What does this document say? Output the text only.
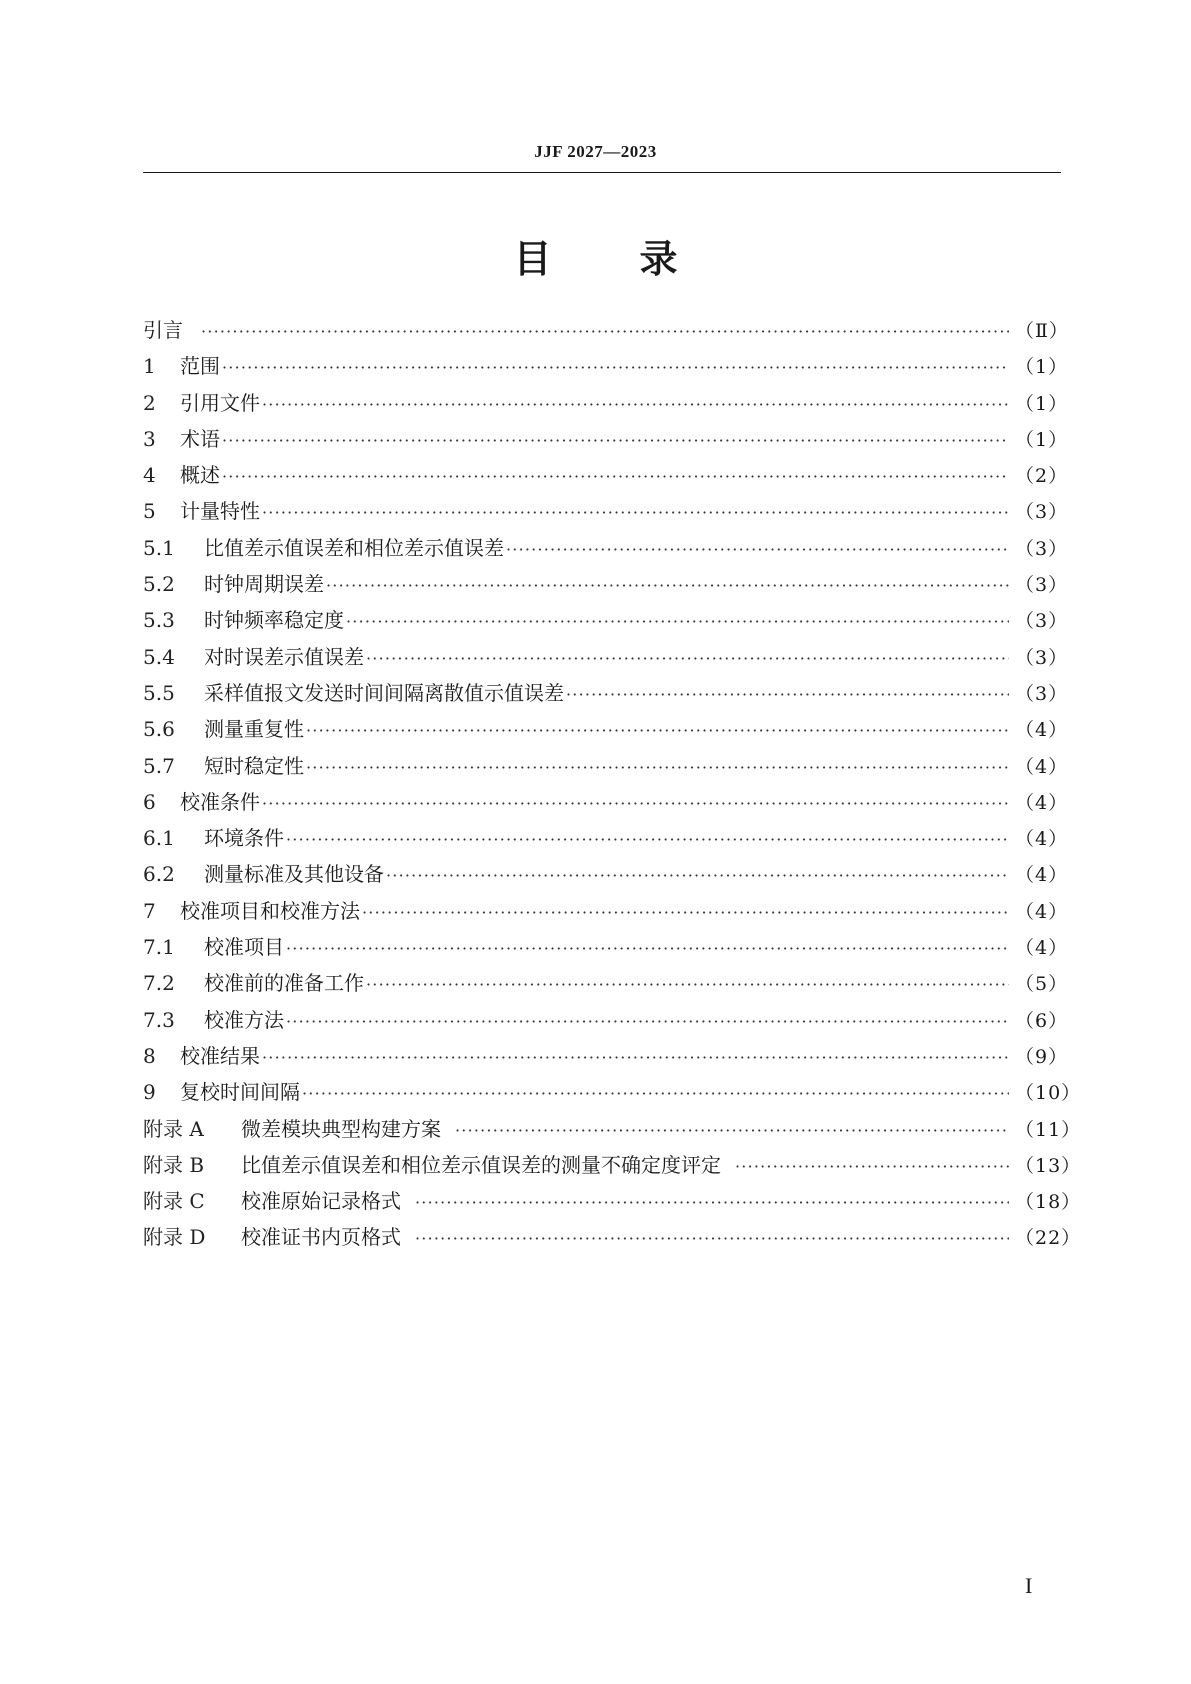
JJF 2027—2023
目 录
引言 ·····	（Ⅱ）
1	范围 ·····	（1）
2	引用文件 ·····	（1）
3	术语 ·····	（1）
4	概述 ·····	（2）
5	计量特性 ·····	（3）
5.1	比值差示值误差和相位差示值误差 ·····	（3）
5.2	时钟周期误差 ·····	（3）
5.3	时钟频率稳定度 ·····	（3）
5.4	对时误差示值误差 ·····	（3）
5.5	采样值报文发送时间间隔离散值示值误差 ·····	（3）
5.6	测量重复性 ·····	（4）
5.7	短时稳定性 ·····	（4）
6	校准条件 ·····	（4）
6.1	环境条件 ·····	（4）
6.2	测量标准及其他设备 ·····	（4）
7	校准项目和校准方法 ·····	（4）
7.1	校准项目 ·····	（4）
7.2	校准前的准备工作 ·····	（5）
7.3	校准方法 ·····	（6）
8	校准结果 ·····	（9）
9	复校时间间隔 ·····	（10）
附录 A	微差模块典型构建方案 ·····	（11）
附录 B	比值差示值误差和相位差示值误差的测量不确定度评定 ·····	（13）
附录 C	校准原始记录格式 ·····	（18）
附录 D	校准证书内页格式 ·····	（22）
I
